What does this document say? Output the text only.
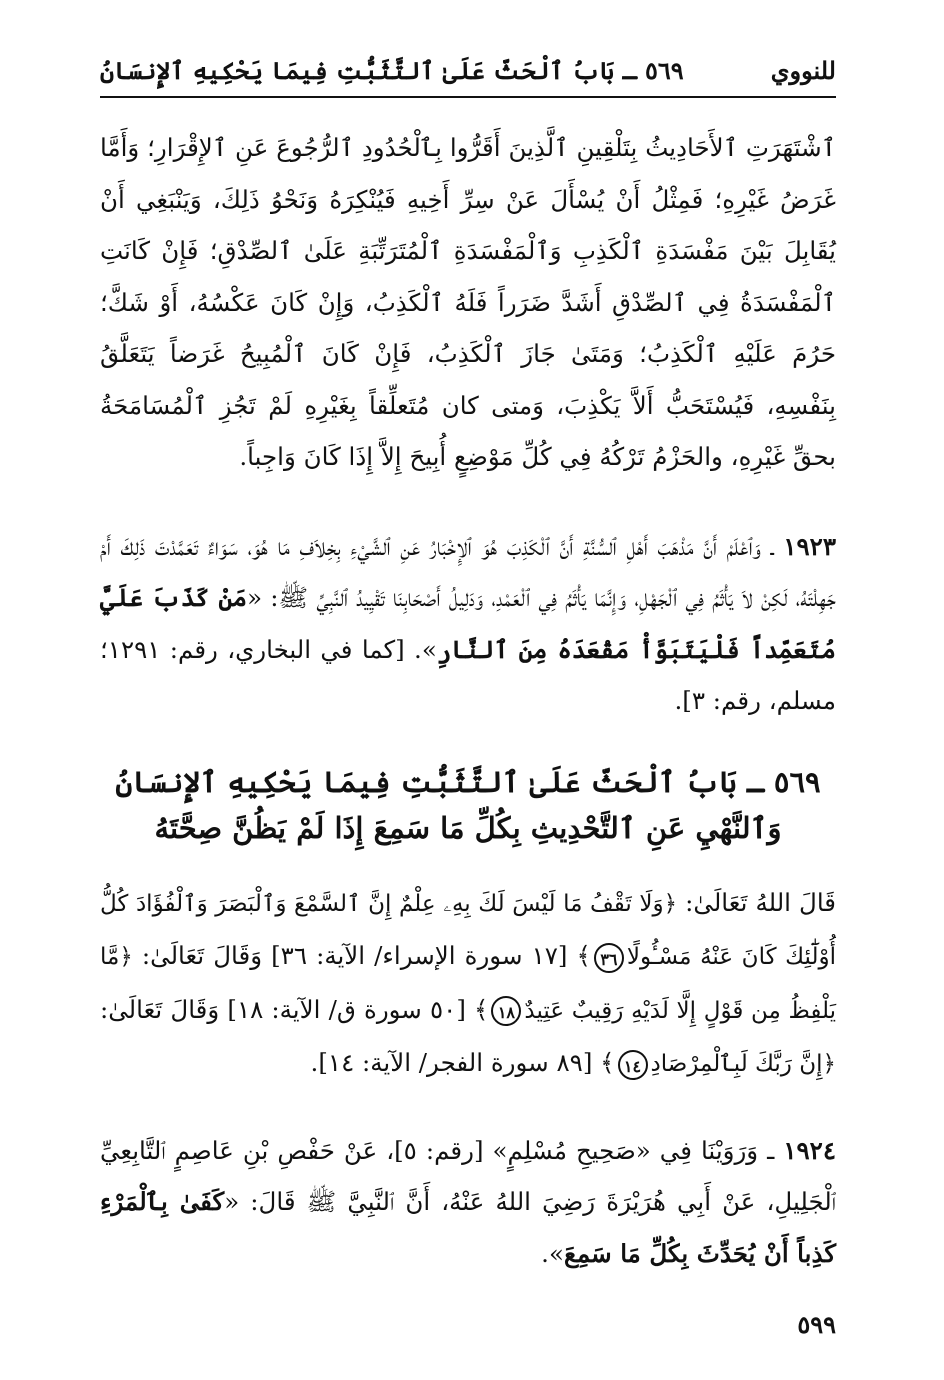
للنووي
٥٦٩ ـ بَابُ ٱلْحَثّ عَلَىٰ ٱلتَّثَبُّتِ فِيمَا يَحْكِيهِ ٱلإِنسَانُ

ٱشْتَهَرَتِ ٱلأَحَادِيثُ بِتَلْقِينِ ٱلَّذِينَ أَقَرُّوا بِٱلْحُدُودِ ٱلرُّجُوعَ عَنِ ٱلإِقْرَارِ؛ وَأَمَّا غَرَضُ غَيْرِهِ؛ فَمِثْلُ أَنْ يُسْأَلَ عَنْ سِرِّ أَخِيهِ فَيُنْكِرَهُ وَنَحْوُ ذَلِكَ، وَيَنْبَغِي أَنْ يُقَابِلَ بَيْنَ مَفْسَدَةِ ٱلْكَذِبِ وَٱلْمَفْسَدَةِ ٱلْمُتَرَتِّبَةِ عَلَىٰ ٱلصِّدْقِ؛ فَإِنْ كَانَتِ ٱلْمَفْسَدَةُ فِي ٱلصِّدْقِ أَشَدَّ ضَرَراً فَلَهُ ٱلْكَذِبُ، وَإِنْ كَانَ عَكْسُهُ، أَوْ شَكَّ؛ حَرُمَ عَلَيْهِ ٱلْكَذِبُ؛ وَمَتَىٰ جَازَ ٱلْكَذِبُ، فَإِنْ كَانَ ٱلْمُبِيحُ غَرَضاً يَتَعَلَّقُ بِنَفْسِهِ، فَيُسْتَحَبُّ أَلاَّ يَكْذِبَ، وَمتى كان مُتَعلِّقاً بِغَيْرِهِ لَمْ تَجُزِ ٱلْمُسَامَحَةُ بحقِّ غَيْرِهِ، والحَزْمُ تَرْكُهُ فِي كُلِّ مَوْضِعٍ أُبِيحَ إِلاَّ إِذَا كَانَ وَاجِباً.

١٩٢٣ ـ وَٱعْلَمْ أَنَّ مَذْهَبَ أَهْلِ ٱلسُّنَّةِ أَنَّ ٱلْكَذِبَ هُوَ ٱلإِخْبَارُ عَنِ ٱلشَّيْءِ بِخِلاَفِ مَا هُوَ، سَوَاءٌ تَعَمَّدْتَ ذَلِكَ أَمْ جَهِلْتَهُ، لَكِنْ لاَ يَأْثَمُ فِي ٱلْجَهْلِ، وَإِنَّمَا يَأْثَمُ فِي ٱلْعَمْدِ، وَدَلِيلُ أَصْحَابِنَا تَقْيِيدُ ٱلنَّبِيِّ ﷺ: «مَنْ كَذَبَ عَلَيَّ مُتَعَمِّداً فَلْيَتَبَوَّأْ مَقْعَدَهُ مِنَ ٱلنَّارِ». [كما في البخاري، رقم: ١٢٩١؛ مسلم، رقم: ٣].

٥٦٩ ـ بَابُ ٱلْحَثّ عَلَىٰ ٱلتَّثَبُّتِ فِيمَا يَحْكِيهِ ٱلإِنسَانُ
وَٱلنَّهْيِ عَنِ ٱلتَّحْدِيثِ بِكُلِّ مَا سَمِعَ إِذَا لَمْ يَظُنَّ صِحَّتَهُ

قَالَ اللهُ تَعَالَىٰ: ﴿وَلَا تَقْفُ مَا لَيْسَ لَكَ بِهِۦ عِلْمٌ إِنَّ ٱلسَّمْعَ وَٱلْبَصَرَ وَٱلْفُؤَادَ كُلُّ أُوْلَٰٓئِكَ كَانَ عَنْهُ مَسْـُٔولًا٣٦﴾ [١٧ سورة الإسراء/ الآية: ٣٦] وَقَالَ تَعَالَىٰ: ﴿مَّا يَلْفِظُ مِن قَوْلٍ إِلَّا لَدَيْهِ رَقِيبٌ عَتِيدٌ١٨﴾ [٥٠ سورة ق/ الآية: ١٨] وَقَالَ تَعَالَىٰ: ﴿إِنَّ رَبَّكَ لَبِٱلْمِرْصَادِ١٤﴾ [٨٩ سورة الفجر/ الآية: ١٤].

١٩٢٤ ـ وَرَوَيْنَا فِي «صَحِيحِ مُسْلِمٍ» [رقم: ٥]، عَنْ حَفْصِ بْنِ عَاصِمٍ ٱلتَّابِعِيِّ ٱلْجَلِيلِ، عَنْ أَبِي هُرَيْرَةَ رَضِيَ اللهُ عَنْهُ، أَنَّ ٱلنَّبِيَّ ﷺ قَالَ: «كَفَىٰ بِٱلْمَرْءِ كَذِباً أَنْ يُحَدِّثَ بِكُلِّ مَا سَمِعَ».

٥٩٩
